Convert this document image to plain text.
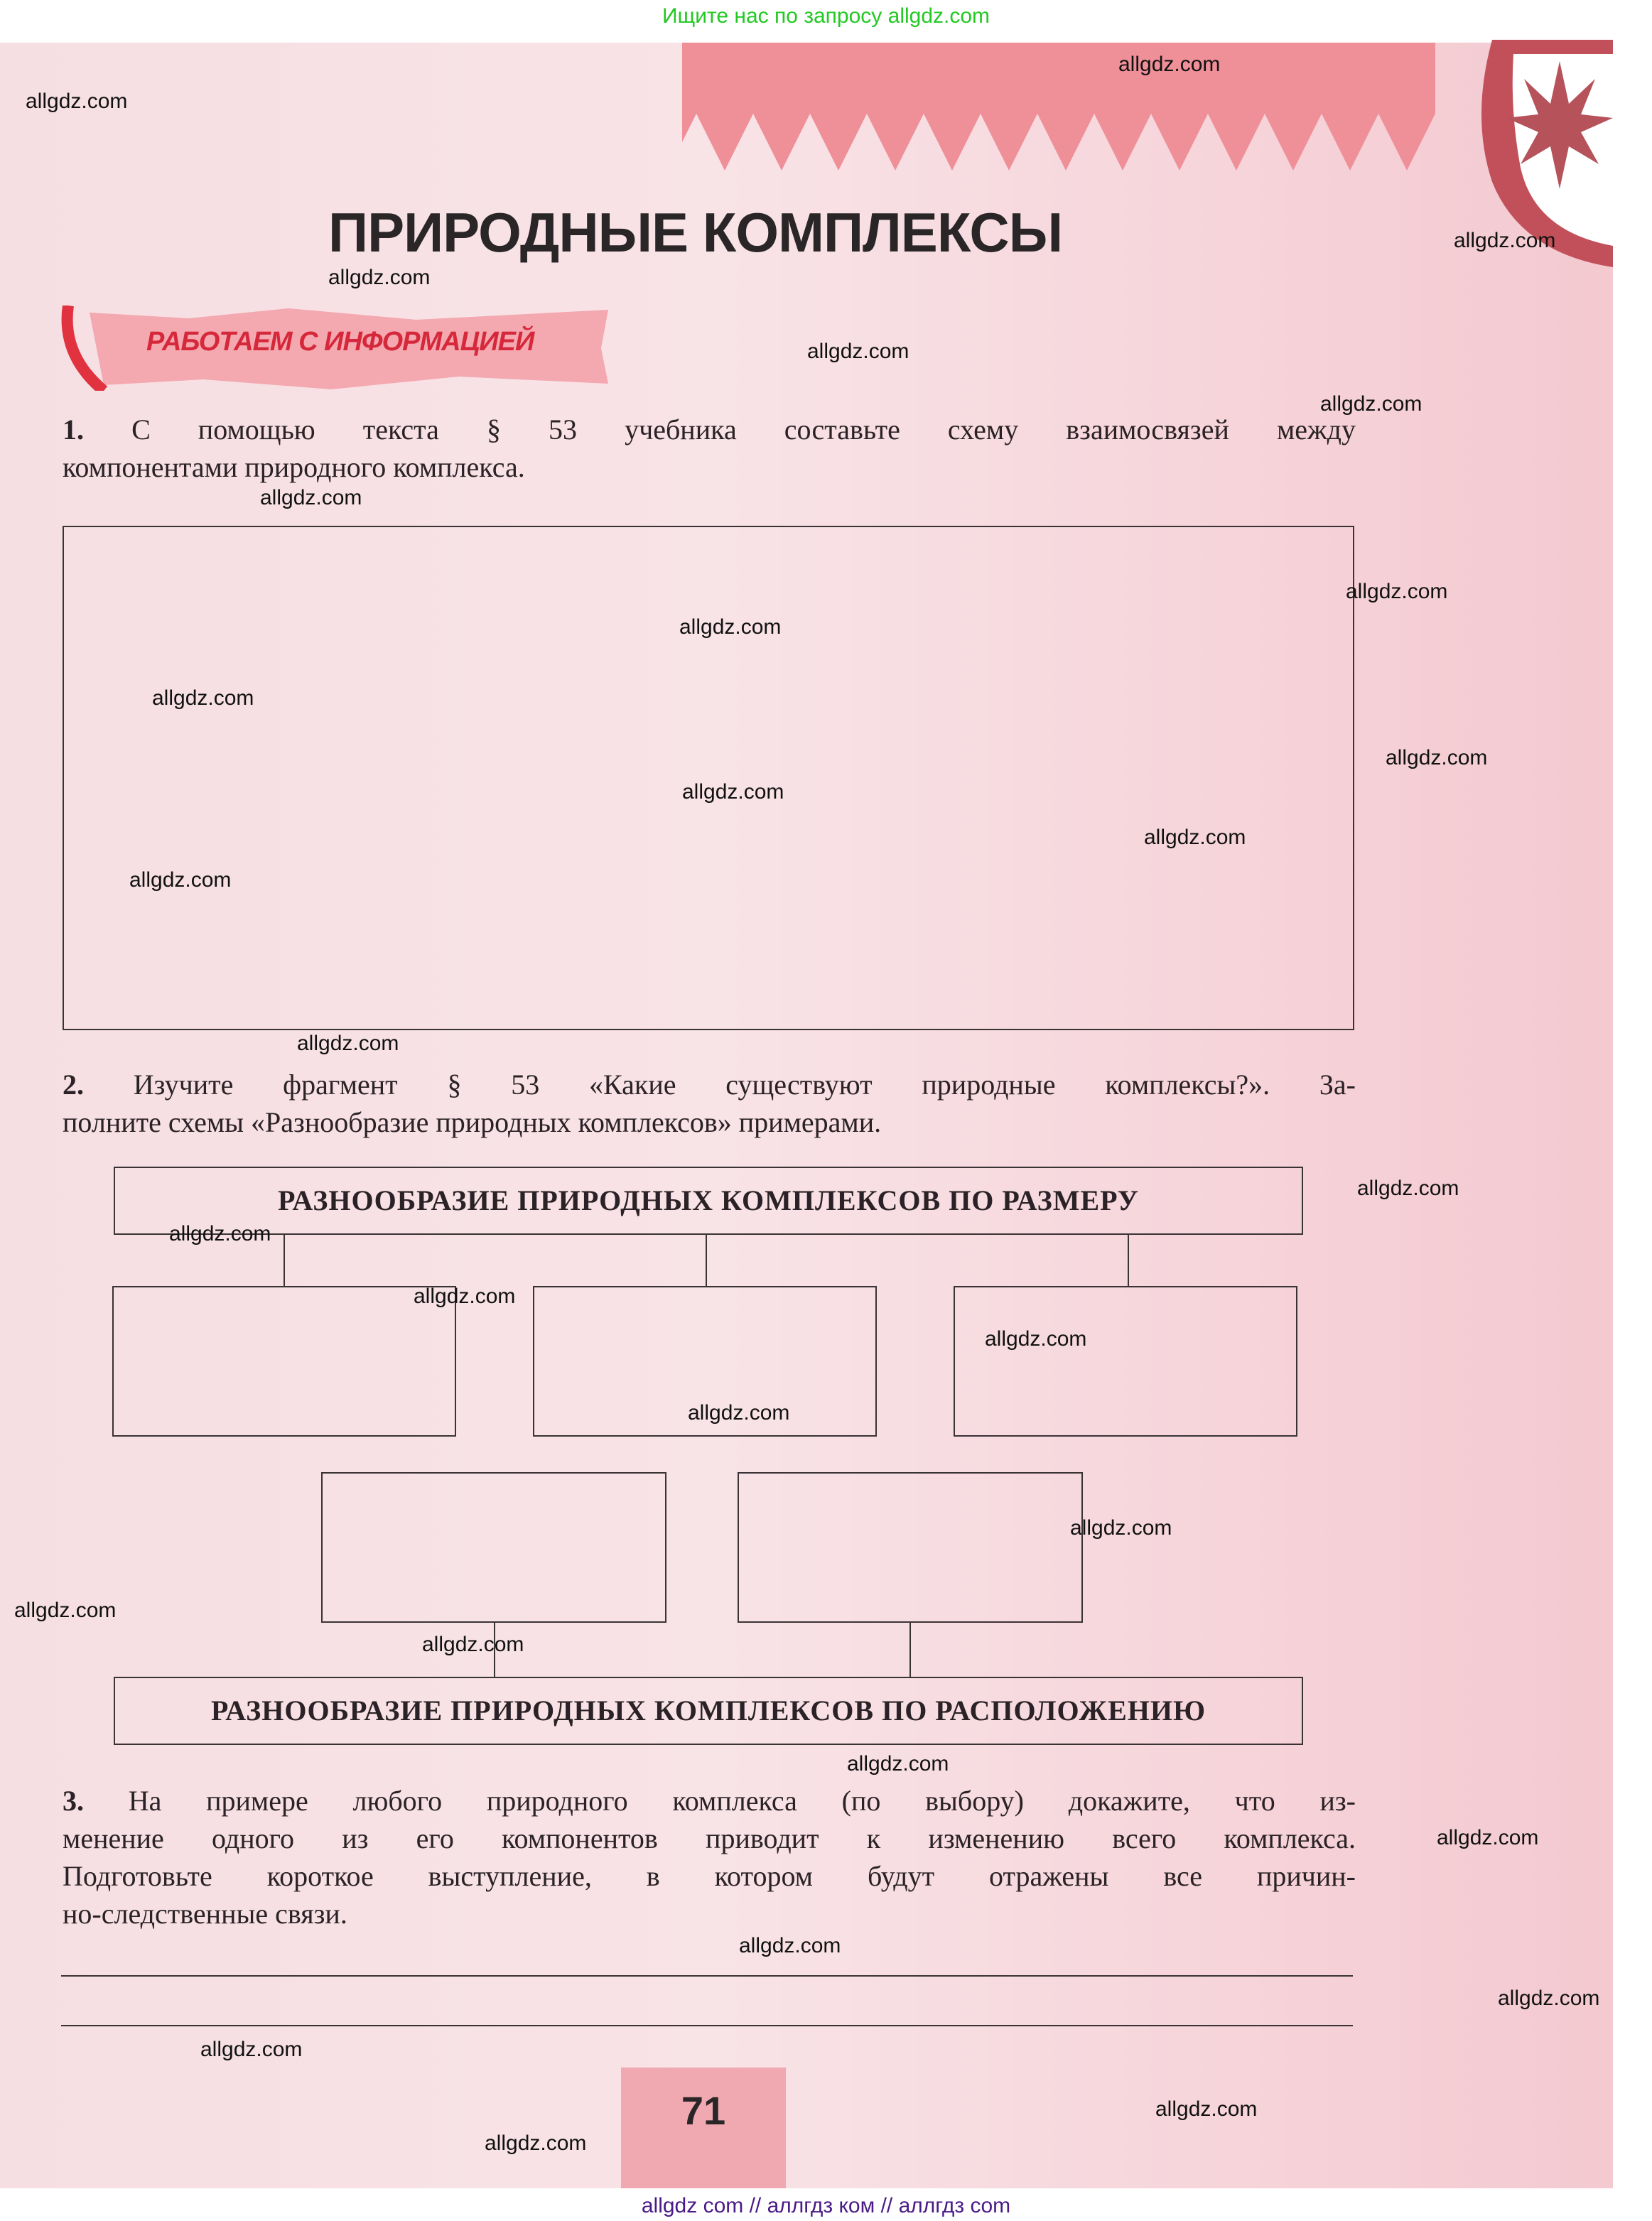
Ищите нас по запросу allgdz.com
ПРИРОДНЫЕ КОМПЛЕКСЫ
РАБОТАЕМ С ИНФОРМАЦИЕЙ
1. С помощью текста § 53 учебника составьте схему взаимосвязей между
компонентами природного комплекса.
2. Изучите фрагмент § 53 «Какие существуют природные комплексы?». За-
полните схемы «Разнообразие природных комплексов» примерами.
РАЗНООБРАЗИЕ ПРИРОДНЫХ КОМПЛЕКСОВ ПО РАЗМЕРУ
РАЗНООБРАЗИЕ ПРИРОДНЫХ КОМПЛЕКСОВ ПО РАСПОЛОЖЕНИЮ
3. На примере любого природного комплекса (по выбору) докажите, что из-
менение одного из его компонентов приводит к изменению всего комплекса.
Подготовьте короткое выступление, в котором будут отражены все причин-
но-следственные связи.
71
allgdz com // аллгдз ком // аллгдз com
allgdz.com
allgdz.com
allgdz.com
allgdz.com
allgdz.com
allgdz.com
allgdz.com
allgdz.com
allgdz.com
allgdz.com
allgdz.com
allgdz.com
allgdz.com
allgdz.com
allgdz.com
allgdz.com
allgdz.com
allgdz.com
allgdz.com
allgdz.com
allgdz.com
allgdz.com
allgdz.com
allgdz.com
allgdz.com
allgdz.com
allgdz.com
allgdz.com
allgdz.com
allgdz.com
